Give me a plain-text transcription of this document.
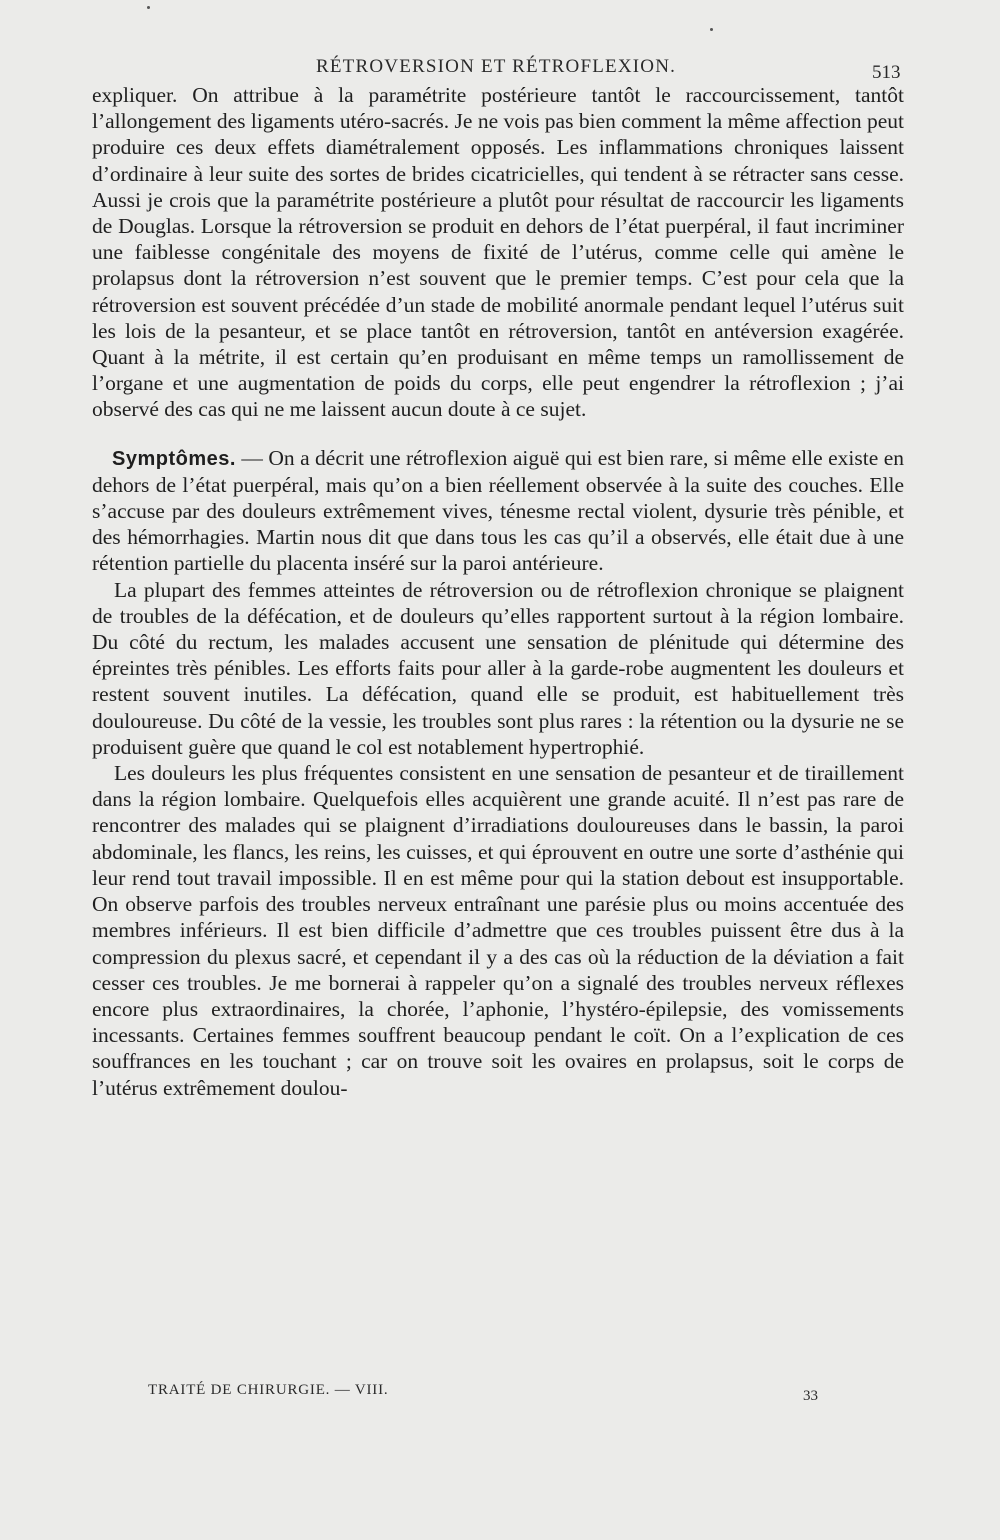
RÉTROVERSION ET RÉTROFLEXION.	513

expliquer. On attribue à la paramétrite postérieure tantôt le raccourcissement, tantôt l’allongement des ligaments utéro-sacrés. Je ne vois pas bien comment la même affection peut produire ces deux effets diamétralement opposés. Les inflammations chroniques laissent d’ordinaire à leur suite des sortes de brides cicatricielles, qui tendent à se rétracter sans cesse. Aussi je crois que la paramétrite postérieure a plutôt pour résultat de raccourcir les ligaments de Douglas. Lorsque la rétroversion se produit en dehors de l’état puerpéral, il faut incriminer une faiblesse congénitale des moyens de fixité de l’utérus, comme celle qui amène le prolapsus dont la rétroversion n’est souvent que le premier temps. C’est pour cela que la rétroversion est souvent précédée d’un stade de mobilité anormale pendant lequel l’utérus suit les lois de la pesanteur, et se place tantôt en rétroversion, tantôt en antéversion exagérée. Quant à la métrite, il est certain qu’en produisant en même temps un ramollissement de l’organe et une augmentation de poids du corps, elle peut engendrer la rétroflexion ; j’ai observé des cas qui ne me laissent aucun doute à ce sujet.

Symptômes. — On a décrit une rétroflexion aiguë qui est bien rare, si même elle existe en dehors de l’état puerpéral, mais qu’on a bien réellement observée à la suite des couches. Elle s’accuse par des douleurs extrêmement vives, ténesme rectal violent, dysurie très pénible, et des hémorrhagies. Martin nous dit que dans tous les cas qu’il a observés, elle était due à une rétention partielle du placenta inséré sur la paroi antérieure.

La plupart des femmes atteintes de rétroversion ou de rétroflexion chronique se plaignent de troubles de la défécation, et de douleurs qu’elles rapportent surtout à la région lombaire. Du côté du rectum, les malades accusent une sensation de plénitude qui détermine des épreintes très pénibles. Les efforts faits pour aller à la garde-robe augmentent les douleurs et restent souvent inutiles. La défécation, quand elle se produit, est habituellement très douloureuse. Du côté de la vessie, les troubles sont plus rares : la rétention ou la dysurie ne se produisent guère que quand le col est notablement hypertrophié.

Les douleurs les plus fréquentes consistent en une sensation de pesanteur et de tiraillement dans la région lombaire. Quelquefois elles acquièrent une grande acuité. Il n’est pas rare de rencontrer des malades qui se plaignent d’irradiations douloureuses dans le bassin, la paroi abdominale, les flancs, les reins, les cuisses, et qui éprouvent en outre une sorte d’asthénie qui leur rend tout travail impossible. Il en est même pour qui la station debout est insupportable. On observe parfois des troubles nerveux entraînant une parésie plus ou moins accentuée des membres inférieurs. Il est bien difficile d’admettre que ces troubles puissent être dus à la compression du plexus sacré, et cependant il y a des cas où la réduction de la déviation a fait cesser ces troubles. Je me bornerai à rappeler qu’on a signalé des troubles nerveux réflexes encore plus extraordinaires, la chorée, l’aphonie, l’hystéro-épilepsie, des vomissements incessants. Certaines femmes souffrent beaucoup pendant le coït. On a l’explication de ces souffrances en les touchant ; car on trouve soit les ovaires en prolapsus, soit le corps de l’utérus extrêmement doulou-

TRAITÉ DE CHIRURGIE. — VIII.	33
